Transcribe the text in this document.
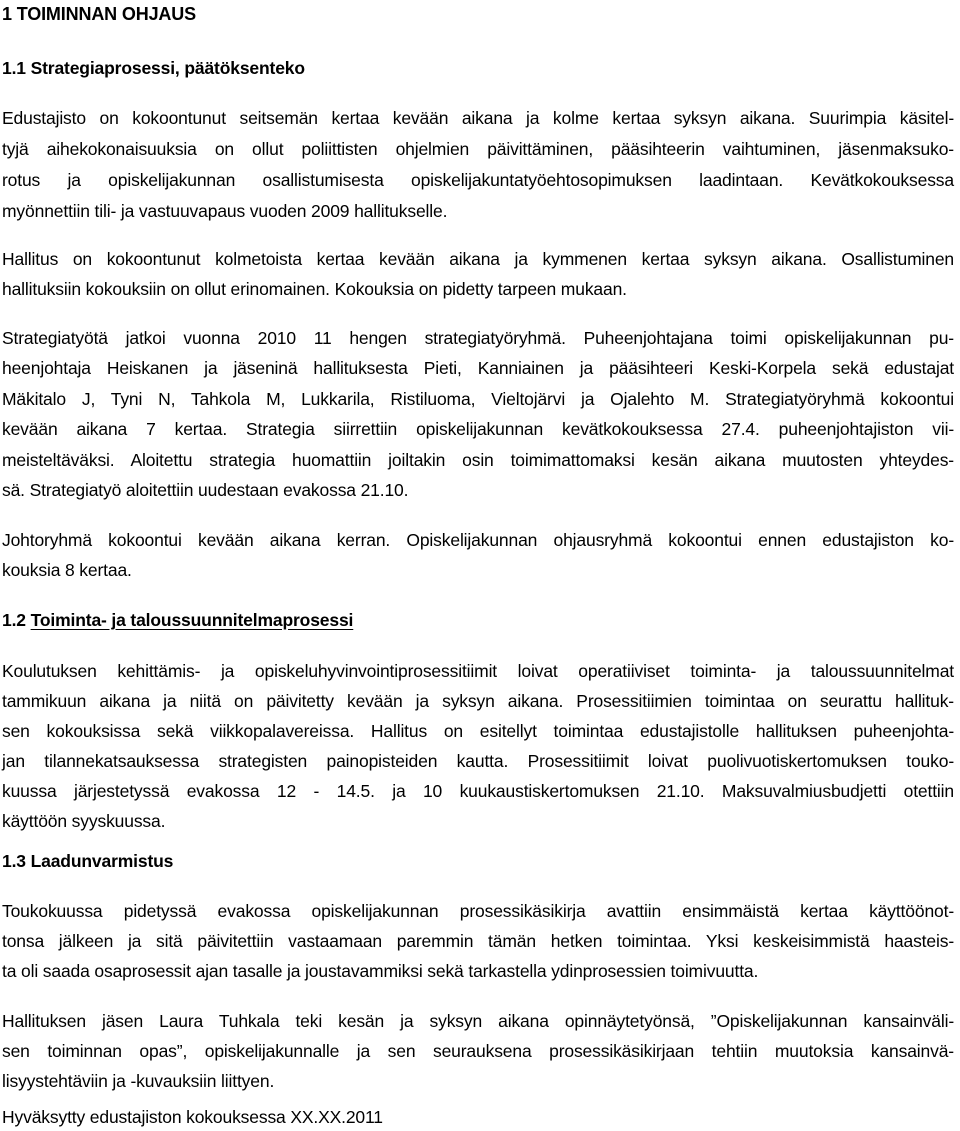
1 TOIMINNAN OHJAUS
1.1 Strategiaprosessi, päätöksenteko
Edustajisto on kokoontunut seitsemän kertaa kevään aikana ja kolme kertaa syksyn aikana. Suurimpia käsitel-
tyjä aihekokonaisuuksia on ollut poliittisten ohjelmien päivittäminen, pääsihteerin vaihtuminen, jäsenmaksuko-
rotus ja opiskelijakunnan osallistumisesta opiskelijakuntatyöehtosopimuksen laadintaan. Kevätkokouksessa
myönnettiin tili- ja vastuuvapaus vuoden 2009 hallitukselle.
Hallitus on kokoontunut kolmetoista kertaa kevään aikana ja kymmenen kertaa syksyn aikana. Osallistuminen
hallituksiin kokouksiin on ollut erinomainen. Kokouksia on pidetty tarpeen mukaan.
Strategiatyötä jatkoi vuonna 2010 11 hengen strategiatyöryhmä. Puheenjohtajana toimi opiskelijakunnan pu-
heenjohtaja Heiskanen ja jäseninä hallituksesta Pieti, Kanniainen ja pääsihteeri Keski-Korpela sekä edustajat
Mäkitalo J, Tyni N, Tahkola M, Lukkarila, Ristiluoma, Vieltojärvi ja Ojalehto M. Strategiatyöryhmä kokoontui
kevään aikana 7 kertaa. Strategia siirrettiin opiskelijakunnan kevätkokouksessa 27.4. puheenjohtajiston vii-
meisteltäväksi. Aloitettu strategia huomattiin joiltakin osin toimimattomaksi kesän aikana muutosten yhteydes-
sä. Strategiatyö aloitettiin uudestaan evakossa 21.10.
Johtoryhmä kokoontui kevään aikana kerran. Opiskelijakunnan ohjausryhmä kokoontui ennen edustajiston ko-
kouksia 8 kertaa.
1.2 Toiminta- ja taloussuunnitelmaprosessi
Koulutuksen kehittämis- ja opiskeluhyvinvointiprosessitiimit loivat operatiiviset toiminta- ja taloussuunnitelmat
tammikuun aikana ja niitä on päivitetty kevään ja syksyn aikana. Prosessitiimien toimintaa on seurattu hallituk-
sen kokouksissa sekä viikkopalavereissa. Hallitus on esitellyt toimintaa edustajistolle hallituksen puheenjohta-
jan tilannekatsauksessa strategisten painopisteiden kautta. Prosessitiimit loivat puolivuotiskertomuksen touko-
kuussa järjestetyssä evakossa 12 - 14.5. ja 10 kuukaustiskertomuksen 21.10. Maksuvalmiusbudjetti otettiin
käyttöön syyskuussa.
1.3 Laadunvarmistus
Toukokuussa pidetyssä evakossa opiskelijakunnan prosessikäsikirja avattiin ensimmäistä kertaa käyttöönot-
tonsa jälkeen ja sitä päivitettiin vastaamaan paremmin tämän hetken toimintaa. Yksi keskeisimmistä haasteis-
ta oli saada osaprosessit ajan tasalle ja joustavammiksi sekä tarkastella ydinprosessien toimivuutta.
Hallituksen jäsen Laura Tuhkala teki kesän ja syksyn aikana opinnäytetyönsä, ”Opiskelijakunnan kansainväli-
sen toiminnan opas”, opiskelijakunnalle ja sen seurauksena prosessikäsikirjaan tehtiin muutoksia kansainvä-
lisyystehtäviin ja -kuvauksiin liittyen.
Hyväksytty edustajiston kokouksessa XX.XX.2011
